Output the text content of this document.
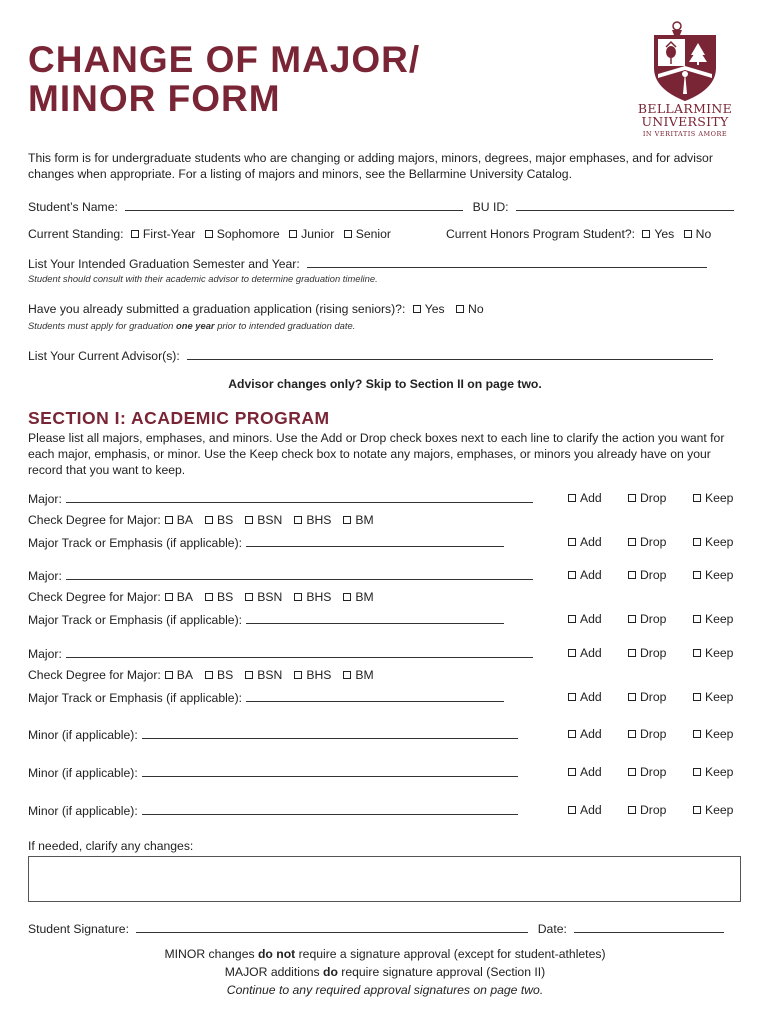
CHANGE OF MAJOR/
MINOR FORM	BELLARMINE
UNIVERSITY
IN VERITATIS AMORE
This form is for undergraduate students who are changing or adding majors, minors, degrees, major emphases, and for advisor changes when appropriate. For a listing of majors and minors, see the Bellarmine University Catalog.
Student’s Name:	BU ID:
Current Standing: First-Year Sophomore Junior Senior	Current Honors Program Student?: Yes No
List Your Intended Graduation Semester and Year:
Student should consult with their academic advisor to determine graduation timeline.
Have you already submitted a graduation application (rising seniors)?: Yes No
Students must apply for graduation one year prior to intended graduation date.
List Your Current Advisor(s):
Advisor changes only? Skip to Section II on page two.
SECTION I: ACADEMIC PROGRAM
Please list all majors, emphases, and minors. Use the Add or Drop check boxes next to each line to clarify the action you want for each major, emphasis, or minor. Use the Keep check box to notate any majors, emphases, or minors you already have on your record that you want to keep.
Major:	Add	Drop	Keep
Check Degree for Major: BA BS BSN BHS BM
Major Track or Emphasis (if applicable):	Add	Drop	Keep
Major:	Add	Drop	Keep
Check Degree for Major: BA BS BSN BHS BM
Major Track or Emphasis (if applicable):	Add	Drop	Keep
Major:	Add	Drop	Keep
Check Degree for Major: BA BS BSN BHS BM
Major Track or Emphasis (if applicable):	Add	Drop	Keep
Minor (if applicable):	Add	Drop	Keep
Minor (if applicable):	Add	Drop	Keep
Minor (if applicable):	Add	Drop	Keep
If needed, clarify any changes:
Student Signature:	Date:
MINOR changes do not require a signature approval (except for student-athletes)
MAJOR additions do require signature approval (Section II)
Continue to any required approval signatures on page two.
